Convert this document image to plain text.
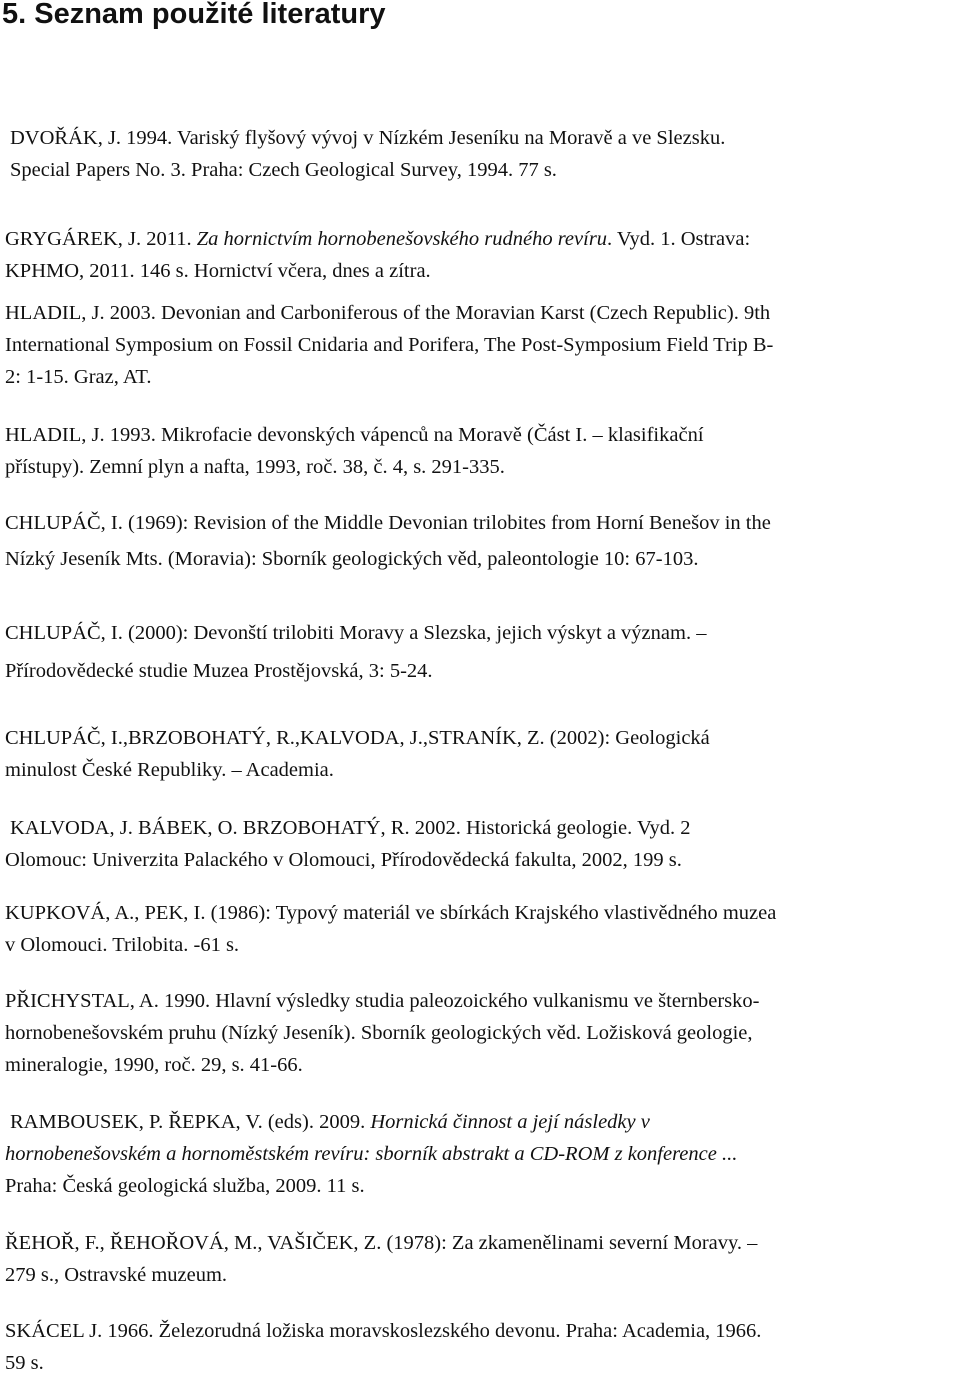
5. Seznam použité literatury
DVOŘÁK, J. 1994. Variský flyšový vývoj v Nízkém Jeseníku na Moravě a ve Slezsku.
Special Papers No. 3. Praha: Czech Geological Survey, 1994. 77 s.
GRYGÁREK, J. 2011. Za hornictvím hornobenešovského rudného revíru. Vyd. 1. Ostrava:
KPHMO, 2011. 146 s. Hornictví včera, dnes a zítra.
HLADIL, J. 2003. Devonian and Carboniferous of the Moravian Karst (Czech Republic). 9th
International Symposium on Fossil Cnidaria and Porifera, The Post-Symposium Field Trip B-
2: 1-15. Graz, AT.
HLADIL, J. 1993. Mikrofacie devonských vápenců na Moravě (Část I. – klasifikační
přístupy). Zemní plyn a nafta, 1993, roč. 38, č. 4, s. 291-335.
CHLUPÁČ, I. (1969): Revision of the Middle Devonian trilobites from Horní Benešov in the
Nízký Jeseník Mts. (Moravia): Sborník geologických věd, paleontologie 10: 67-103.
CHLUPÁČ, I. (2000): Devonští trilobiti Moravy a Slezska, jejich výskyt a význam. –
Přírodovědecké studie Muzea Prostějovská, 3: 5-24.
CHLUPÁČ, I.,BRZOBOHATÝ, R.,KALVODA, J.,STRANÍK, Z. (2002): Geologická
minulost České Republiky. – Academia.
KALVODA, J. BÁBEK, O. BRZOBOHATÝ, R. 2002. Historická geologie. Vyd. 2
Olomouc: Univerzita Palackého v Olomouci, Přírodovědecká fakulta, 2002, 199 s.
KUPKOVÁ, A., PEK, I. (1986): Typový materiál ve sbírkách Krajského vlastivědného muzea
v Olomouci. Trilobita. -61 s.
PŘICHYSTAL, A. 1990. Hlavní výsledky studia paleozoického vulkanismu ve šternbersko-
hornobenešovském pruhu (Nízký Jeseník). Sborník geologických věd. Ložisková geologie,
mineralogie, 1990, roč. 29, s. 41-66.
RAMBOUSEK, P. ŘEPKA, V. (eds). 2009. Hornická činnost a její následky v
hornobenešovském a hornoměstském revíru: sborník abstrakt a CD-ROM z konference ...
Praha: Česká geologická služba, 2009. 11 s.
ŘEHOŘ, F., ŘEHOŘOVÁ, M., VAŠIČEK, Z. (1978): Za zkamenělinami severní Moravy. –
279 s., Ostravské muzeum.
SKÁCEL J. 1966. Železorudná ložiska moravskoslezského devonu. Praha: Academia, 1966.
59 s.
